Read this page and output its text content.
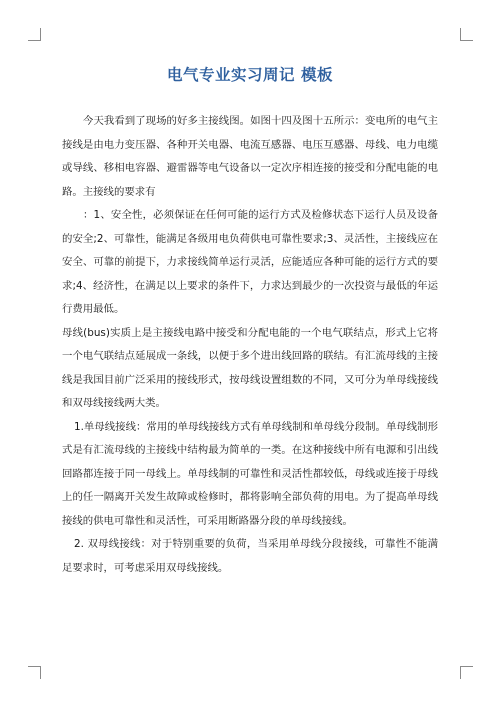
电气专业实习周记 模板

今天我看到了现场的好多主接线图。如图十四及图十五所示：变电所的电气主接线是由电力变压器、各种开关电器、电流互感器、电压互感器、母线、电力电缆或导线、移相电容器、避雷器等电气设备以一定次序相连接的接受和分配电能的电路。主接线的要求有

：1、安全性，必须保证在任何可能的运行方式及检修状态下运行人员及设备的安全;2、可靠性，能满足各级用电负荷供电可靠性要求;3、灵活性，主接线应在安全、可靠的前提下，力求接线简单运行灵活，应能适应各种可能的运行方式的要求;4、经济性，在满足以上要求的条件下，力求达到最少的一次投资与最低的年运行费用最低。

母线(bus)实质上是主接线电路中接受和分配电能的一个电气联结点，形式上它将一个电气联结点延展成一条线，以便于多个进出线回路的联结。有汇流母线的主接线是我国目前广泛采用的接线形式，按母线设置组数的不同，又可分为单母线接线和双母线接线两大类。

1.单母线接线：常用的单母线接线方式有单母线制和单母线分段制。单母线制形式是有汇流母线的主接线中结构最为简单的一类。在这种接线中所有电源和引出线回路都连接于同一母线上。单母线制的可靠性和灵活性都较低，母线或连接于母线上的任一隔离开关发生故障或检修时，都将影响全部负荷的用电。为了提高单母线接线的供电可靠性和灵活性，可采用断路器分段的单母线接线。

2. 双母线接线：对于特别重要的负荷，当采用单母线分段接线，可靠性不能满足要求时，可考虑采用双母线接线。
